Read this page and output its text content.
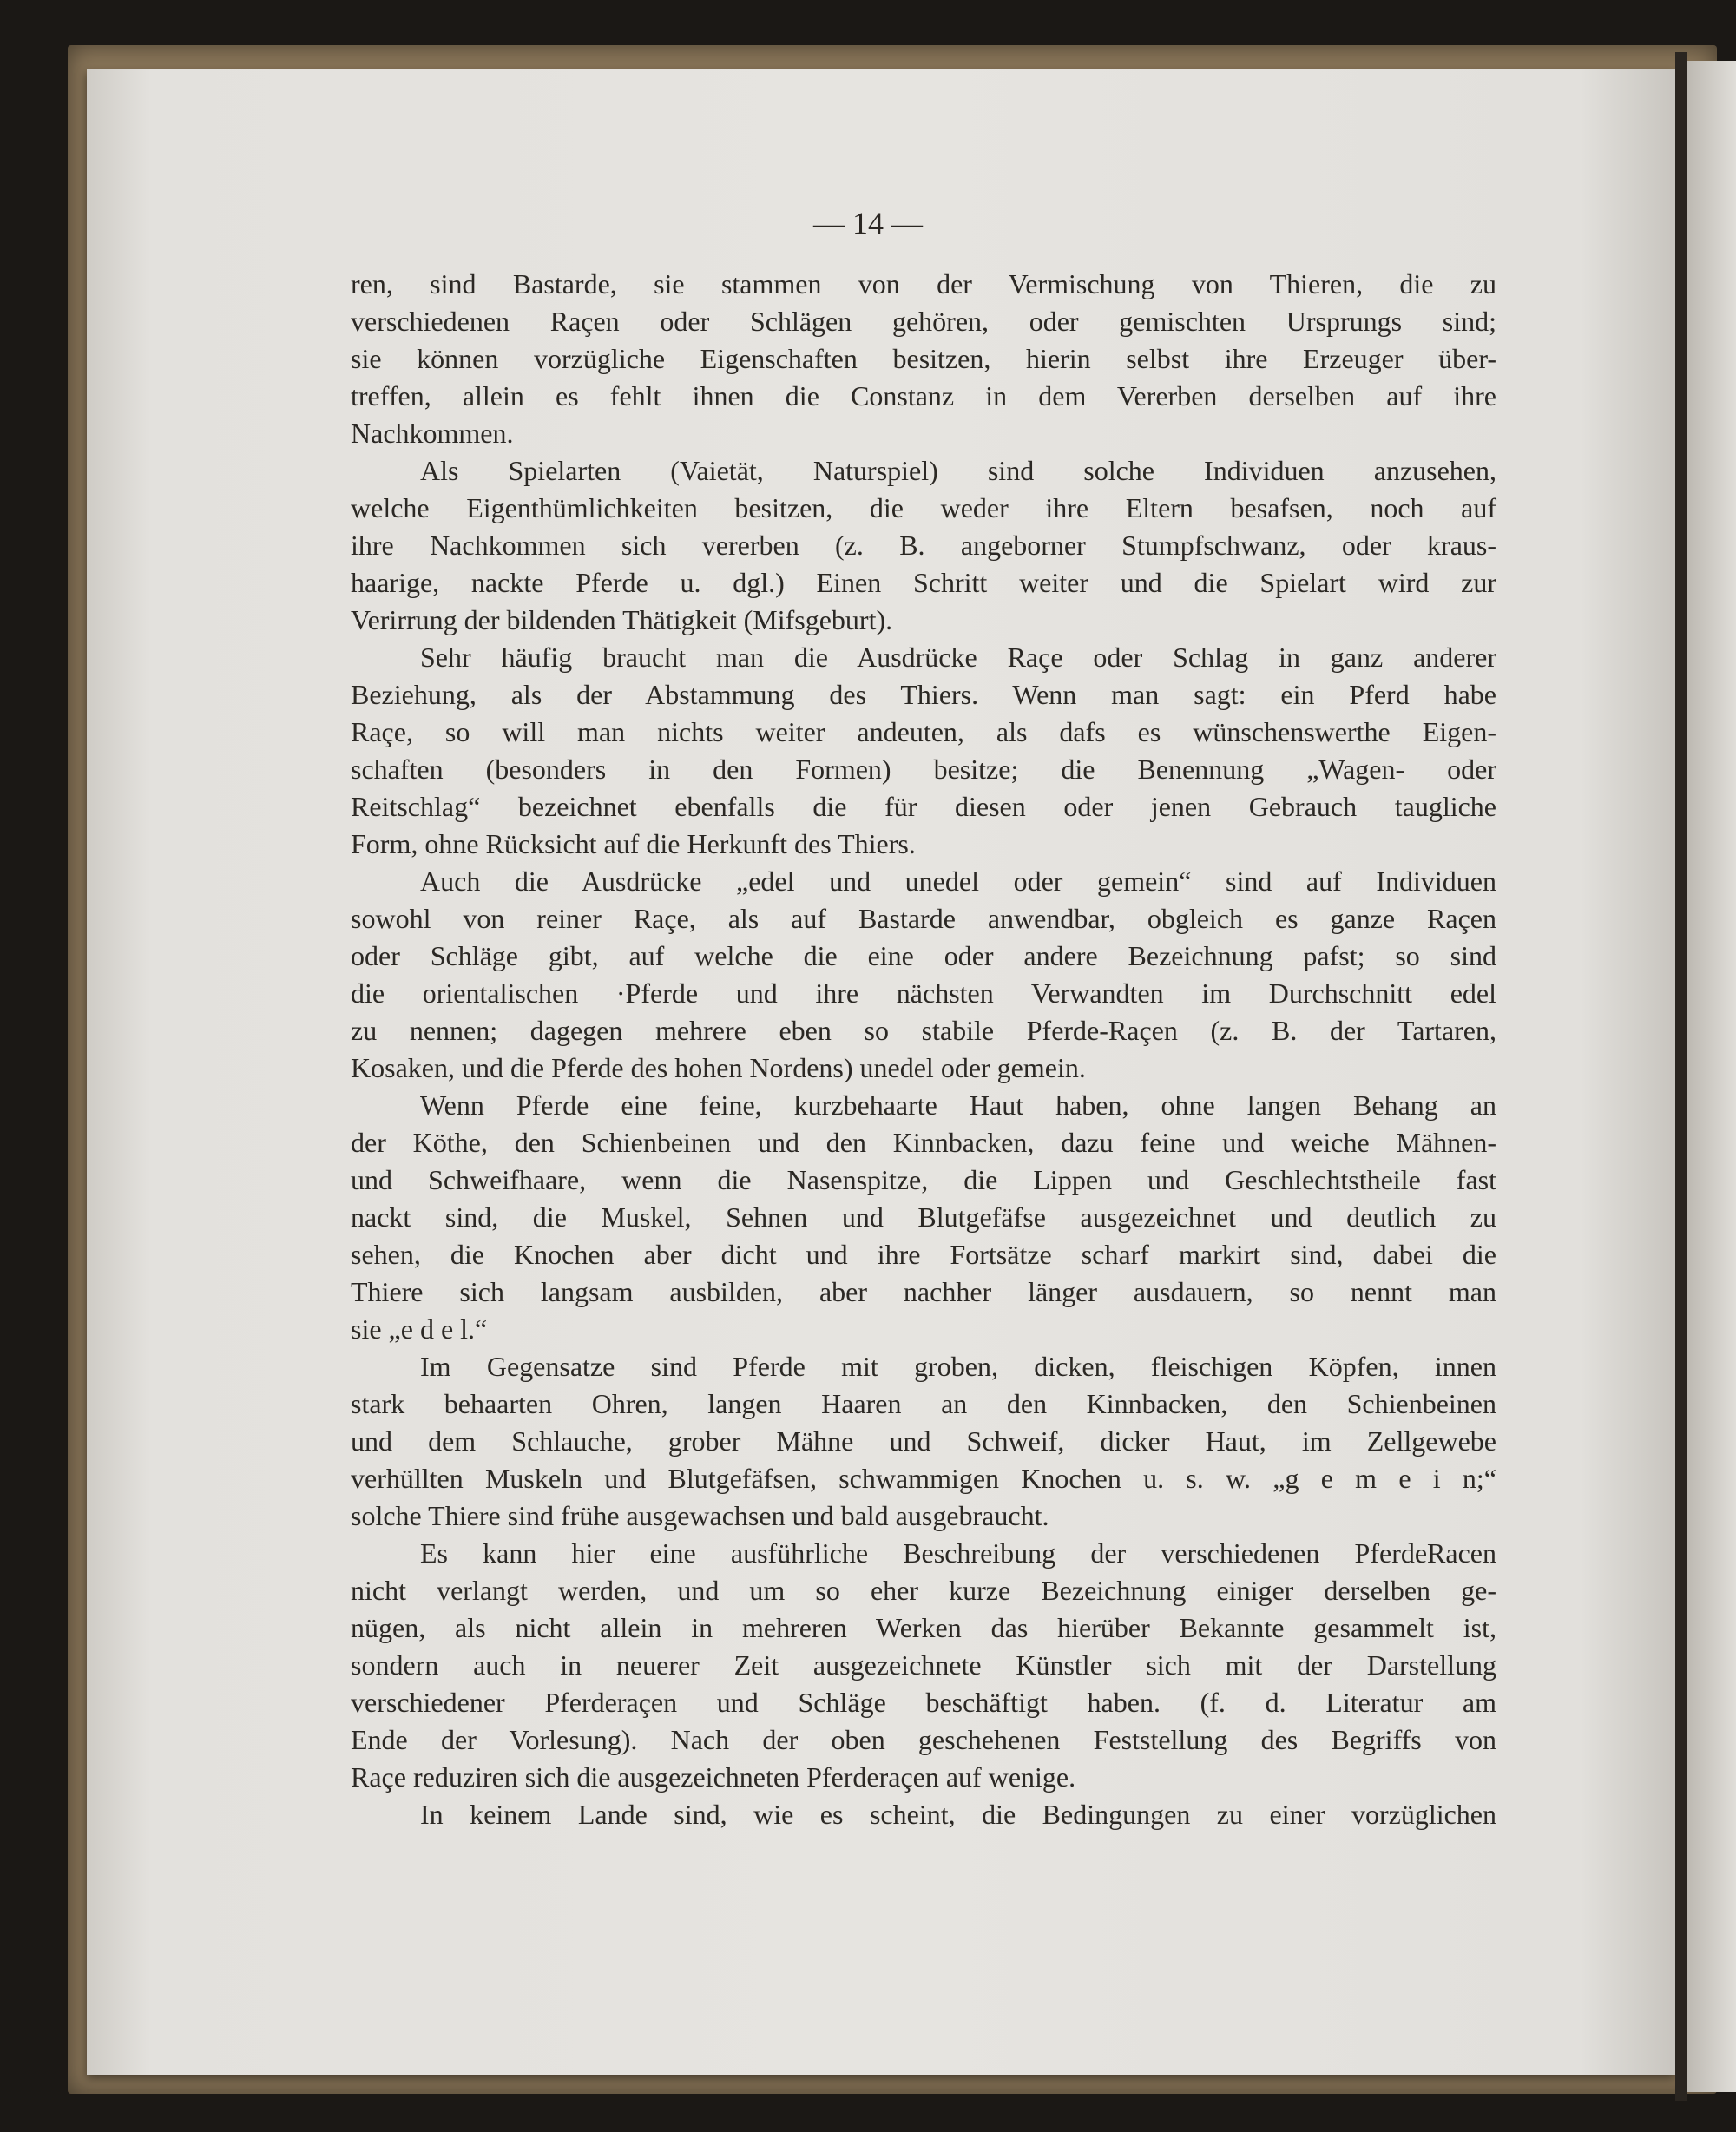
— 14 —
ren, sind Bastarde, sie stammen von der Vermischung von Thieren, die zu
verschiedenen Raçen oder Schlägen gehören, oder gemischten Ursprungs sind;
sie können vorzügliche Eigenschaften besitzen, hierin selbst ihre Erzeuger über-
treffen, allein es fehlt ihnen die Constanz in dem Vererben derselben auf ihre
Nachkommen.
Als Spielarten (Vaietät, Naturspiel) sind solche Individuen anzusehen,
welche Eigenthümlichkeiten besitzen, die weder ihre Eltern besafsen, noch auf
ihre Nachkommen sich vererben (z. B. angeborner Stumpfschwanz, oder kraus-
haarige, nackte Pferde u. dgl.) Einen Schritt weiter und die Spielart wird zur
Verirrung der bildenden Thätigkeit (Mifsgeburt).
Sehr häufig braucht man die Ausdrücke Raçe oder Schlag in ganz anderer
Beziehung, als der Abstammung des Thiers. Wenn man sagt: ein Pferd habe
Raçe, so will man nichts weiter andeuten, als dafs es wünschenswerthe Eigen-
schaften (besonders in den Formen) besitze; die Benennung „Wagen- oder
Reitschlag“ bezeichnet ebenfalls die für diesen oder jenen Gebrauch taugliche
Form, ohne Rücksicht auf die Herkunft des Thiers.
Auch die Ausdrücke „edel und unedel oder gemein“ sind auf Individuen
sowohl von reiner Raçe, als auf Bastarde anwendbar, obgleich es ganze Raçen
oder Schläge gibt, auf welche die eine oder andere Bezeichnung pafst; so sind
die orientalischen ·Pferde und ihre nächsten Verwandten im Durchschnitt edel
zu nennen; dagegen mehrere eben so stabile Pferde-Raçen (z. B. der Tartaren,
Kosaken, und die Pferde des hohen Nordens) unedel oder gemein.
Wenn Pferde eine feine, kurzbehaarte Haut haben, ohne langen Behang an
der Köthe, den Schienbeinen und den Kinnbacken, dazu feine und weiche Mähnen-
und Schweifhaare, wenn die Nasenspitze, die Lippen und Geschlechtstheile fast
nackt sind, die Muskel, Sehnen und Blutgefäfse ausgezeichnet und deutlich zu
sehen, die Knochen aber dicht und ihre Fortsätze scharf markirt sind, dabei die
Thiere sich langsam ausbilden, aber nachher länger ausdauern, so nennt man
sie „e d e l.“
Im Gegensatze sind Pferde mit groben, dicken, fleischigen Köpfen, innen
stark behaarten Ohren, langen Haaren an den Kinnbacken, den Schienbeinen
und dem Schlauche, grober Mähne und Schweif, dicker Haut, im Zellgewebe
verhüllten Muskeln und Blutgefäfsen, schwammigen Knochen u. s. w. „g e m e i n;“
solche Thiere sind frühe ausgewachsen und bald ausgebraucht.
Es kann hier eine ausführliche Beschreibung der verschiedenen PferdeRacen
nicht verlangt werden, und um so eher kurze Bezeichnung einiger derselben ge-
nügen, als nicht allein in mehreren Werken das hierüber Bekannte gesammelt ist,
sondern auch in neuerer Zeit ausgezeichnete Künstler sich mit der Darstellung
verschiedener Pferderaçen und Schläge beschäftigt haben. (f. d. Literatur am
Ende der Vorlesung). Nach der oben geschehenen Feststellung des Begriffs von
Raçe reduziren sich die ausgezeichneten Pferderaçen auf wenige.
In keinem Lande sind, wie es scheint, die Bedingungen zu einer vorzüglichen
